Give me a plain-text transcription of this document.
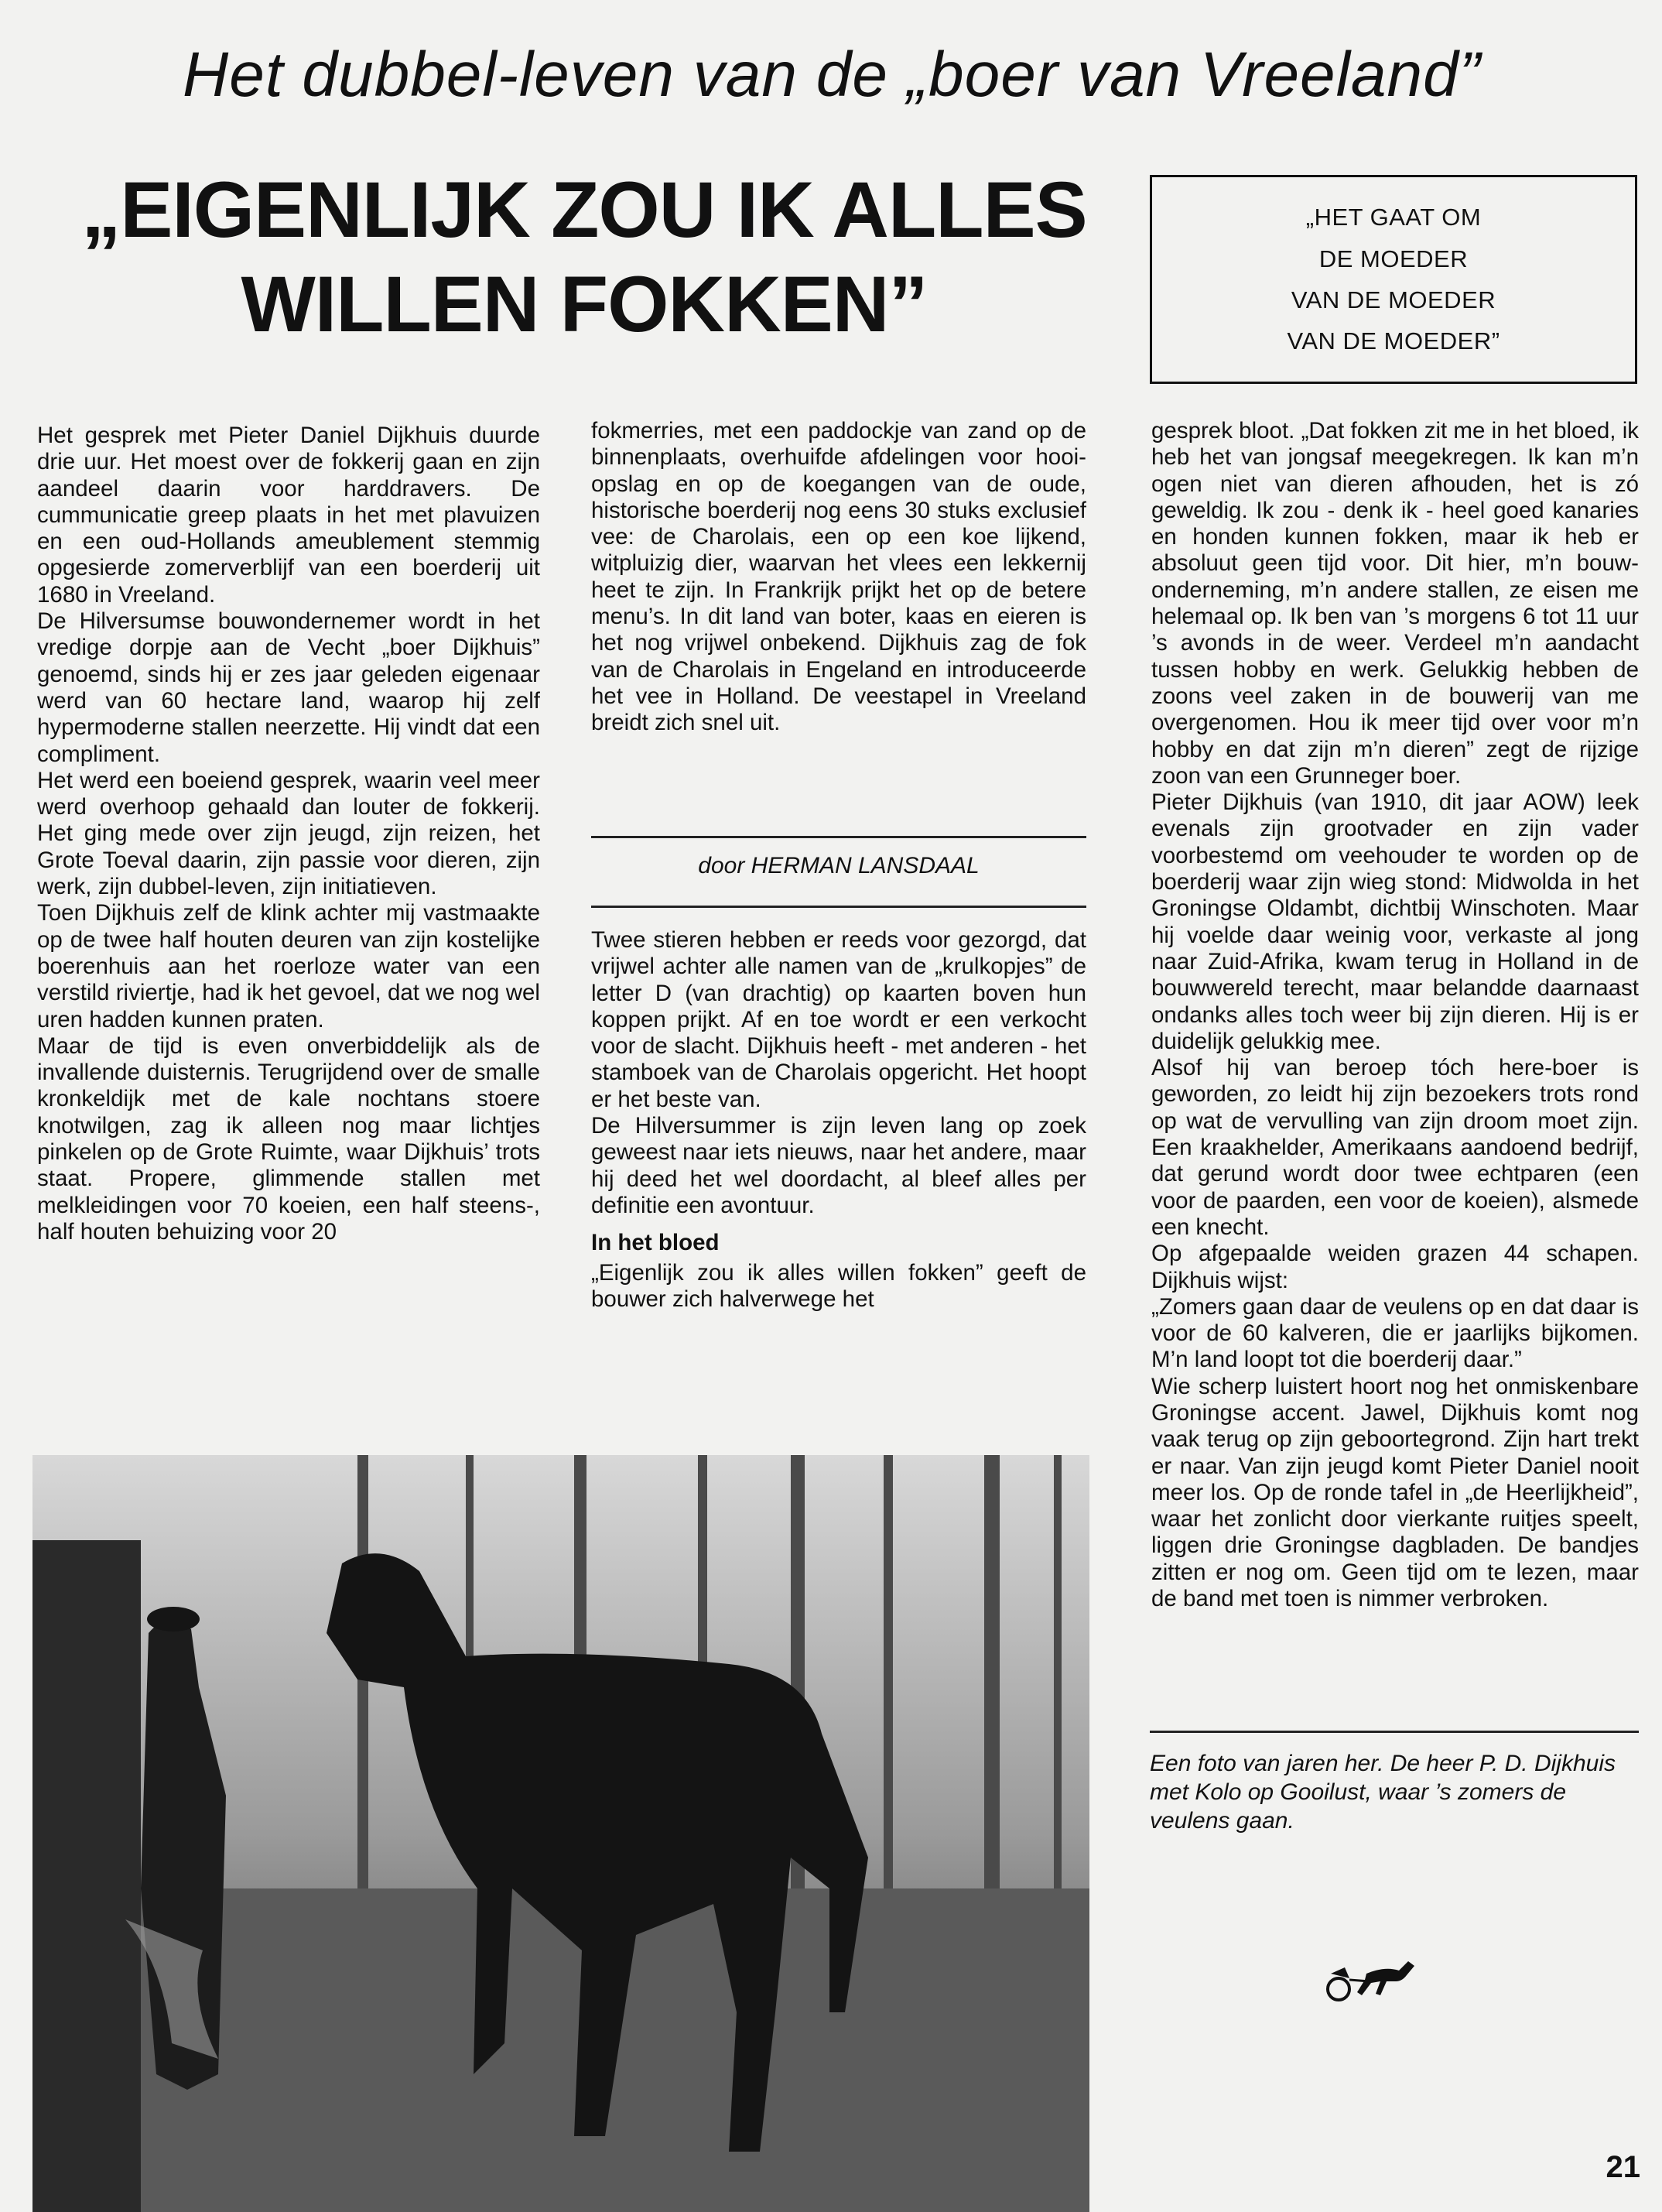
Het dubbel-leven van de „boer van Vreeland”
„EIGENLIJK ZOU IK ALLES
WILLEN FOKKEN”
„HET GAAT OM
DE MOEDER
VAN DE MOEDER
VAN DE MOEDER”

Het gesprek met Pieter Daniel Dijkhuis duurde drie uur. Het moest over de fokkerij gaan en zijn aandeel daarin voor harddravers. De cummunicatie greep plaats in het met plavuizen en een oud-Hollands ameublement stemmig opgesierde zomerverblijf van een boerderij uit 1680 in Vreeland.

De Hilversumse bouwondernemer wordt in het vredige dorpje aan de Vecht „boer Dijkhuis” genoemd, sinds hij er zes jaar geleden eigenaar werd van 60 hectare land, waarop hij zelf hypermoderne stallen neerzette. Hij vindt dat een compliment.

Het werd een boeiend gesprek, waarin veel meer werd overhoop gehaald dan louter de fokkerij. Het ging mede over zijn jeugd, zijn reizen, het Grote Toeval daarin, zijn passie voor dieren, zijn werk, zijn dubbel-leven, zijn initiatieven.

Toen Dijkhuis zelf de klink achter mij vastmaakte op de twee half houten deuren van zijn kostelijke boerenhuis aan het roerloze water van een verstild riviertje, had ik het gevoel, dat we nog wel uren hadden kunnen praten.

Maar de tijd is even onverbiddelijk als de invallende duisternis. Terugrijdend over de smalle kronkeldijk met de kale nochtans stoere knotwilgen, zag ik alleen nog maar lichtjes pinkelen op de Grote Ruimte, waar Dijkhuis’ trots staat. Propere, glimmende stallen met melkleidingen voor 70 koeien, een half steens-, half houten behuizing voor 20

fokmerries, met een paddockje van zand op de binnenplaats, overhuifde afdelingen voor hooi-opslag en op de koegangen van de oude, historische boerderij nog eens 30 stuks exclusief vee: de Charolais, een op een koe lijkend, witpluizig dier, waarvan het vlees een lekkernij heet te zijn. In Frankrijk prijkt het op de betere menu’s. In dit land van boter, kaas en eieren is het nog vrijwel onbekend. Dijkhuis zag de fok van de Charolais in Engeland en introduceerde het vee in Holland. De veestapel in Vreeland breidt zich snel uit.

door HERMAN LANSDAAL

Twee stieren hebben er reeds voor gezorgd, dat vrijwel achter alle namen van de „krulkopjes” de letter D (van drachtig) op kaarten boven hun koppen prijkt. Af en toe wordt er een verkocht voor de slacht. Dijkhuis heeft - met anderen - het stamboek van de Charolais opgericht. Het hoopt er het beste van.

De Hilversummer is zijn leven lang op zoek geweest naar iets nieuws, naar het andere, maar hij deed het wel doordacht, al bleef alles per definitie een avontuur.

In het bloed

„Eigenlijk zou ik alles willen fokken” geeft de bouwer zich halverwege het

gesprek bloot. „Dat fokken zit me in het bloed, ik heb het van jongsaf meegekregen. Ik kan m’n ogen niet van dieren afhouden, het is zó geweldig. Ik zou - denk ik - heel goed kanaries en honden kunnen fokken, maar ik heb er absoluut geen tijd voor. Dit hier, m’n bouw-onderneming, m’n andere stallen, ze eisen me helemaal op. Ik ben van ’s morgens 6 tot 11 uur ’s avonds in de weer. Verdeel m’n aandacht tussen hobby en werk. Gelukkig hebben de zoons veel zaken in de bouwerij van me overgenomen. Hou ik meer tijd over voor m’n hobby en dat zijn m’n dieren” zegt de rijzige zoon van een Grunneger boer.

Pieter Dijkhuis (van 1910, dit jaar AOW) leek evenals zijn grootvader en zijn vader voorbestemd om veehouder te worden op de boerderij waar zijn wieg stond: Midwolda in het Groningse Oldambt, dichtbij Winschoten. Maar hij voelde daar weinig voor, verkaste al jong naar Zuid-Afrika, kwam terug in Holland in de bouwwereld terecht, maar belandde daarnaast ondanks alles toch weer bij zijn dieren. Hij is er duidelijk gelukkig mee.

Alsof hij van beroep tóch here-boer is geworden, zo leidt hij zijn bezoekers trots rond op wat de vervulling van zijn droom moet zijn. Een kraakhelder, Amerikaans aandoend bedrijf, dat gerund wordt door twee echtparen (een voor de paarden, een voor de koeien), alsmede een knecht.

Op afgepaalde weiden grazen 44 schapen. Dijkhuis wijst:

„Zomers gaan daar de veulens op en dat daar is voor de 60 kalveren, die er jaarlijks bijkomen. M’n land loopt tot die boerderij daar.”

Wie scherp luistert hoort nog het onmiskenbare Groningse accent. Jawel, Dijkhuis komt nog vaak terug op zijn geboortegrond. Zijn hart trekt er naar. Van zijn jeugd komt Pieter Daniel nooit meer los. Op de ronde tafel in „de Heerlijkheid”, waar het zonlicht door vierkante ruitjes speelt, liggen drie Groningse dagbladen. De bandjes zitten er nog om. Geen tijd om te lezen, maar de band met toen is nimmer verbroken.

Een foto van jaren her. De heer P. D. Dijkhuis met Kolo op Gooilust, waar ’s zomers de veulens gaan.
21
